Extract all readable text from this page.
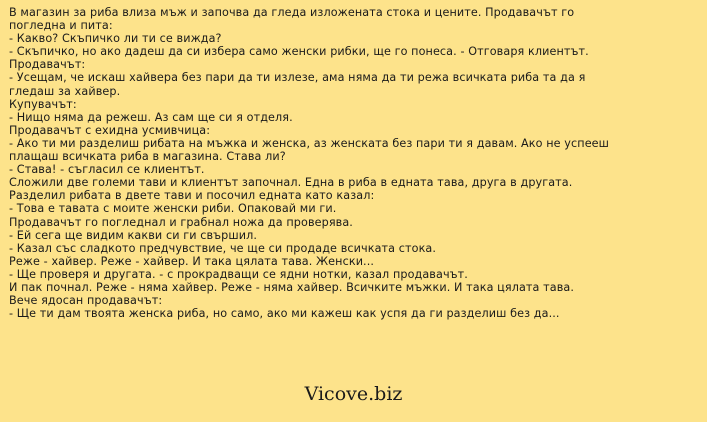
В магазин за риба влиза мъж и започва да гледа изложената стока и цените. Продавачът го
погледна и пита:
- Какво? Скъпичко ли ти се вижда?
- Скъпичко, но ако дадеш да си избера само женски рибки, ще го понеса. - Отговаря клиентът.
Продавачът:
- Усещам, че искаш хайвера без пари да ти излезе, ама няма да ти режа всичката риба та да я
гледаш за хайвер.
Купувачът:
- Нищо няма да режеш. Аз сам ще си я отделя.
Продавачът с ехидна усмивчица:
- Ако ти ми разделиш рибата на мъжка и женска, аз женската без пари ти я давам. Ако не успееш
плащаш всичката риба в магазина. Става ли?
- Става! - съгласил се клиентът.
Сложили две големи тави и клиентът започнал. Една в риба в едната тава, друга в другата.
Разделил рибата в двете тави и посочил едната като казал:
- Това е тавата с моите женски риби. Опаковай ми ги.
Продавачът го погледнал и грабнал ножа да проверява.
- Ей сега ще видим какви си ги свършил.
- Казал със сладкото предчувствие, че ще си продаде всичката стока.
Реже - хайвер. Реже - хайвер. И така цялата тава. Женски...
- Ще проверя и другата. - с прокрадващи се ядни нотки, казал продавачът.
И пак почнал. Реже - няма хайвер. Реже - няма хайвер. Всичките мъжки. И така цялата тава.
Вече ядосан продавачът:
- Ще ти дам твоята женска риба, но само, ако ми кажеш как успя да ги разделиш без да...
Vicove.biz
